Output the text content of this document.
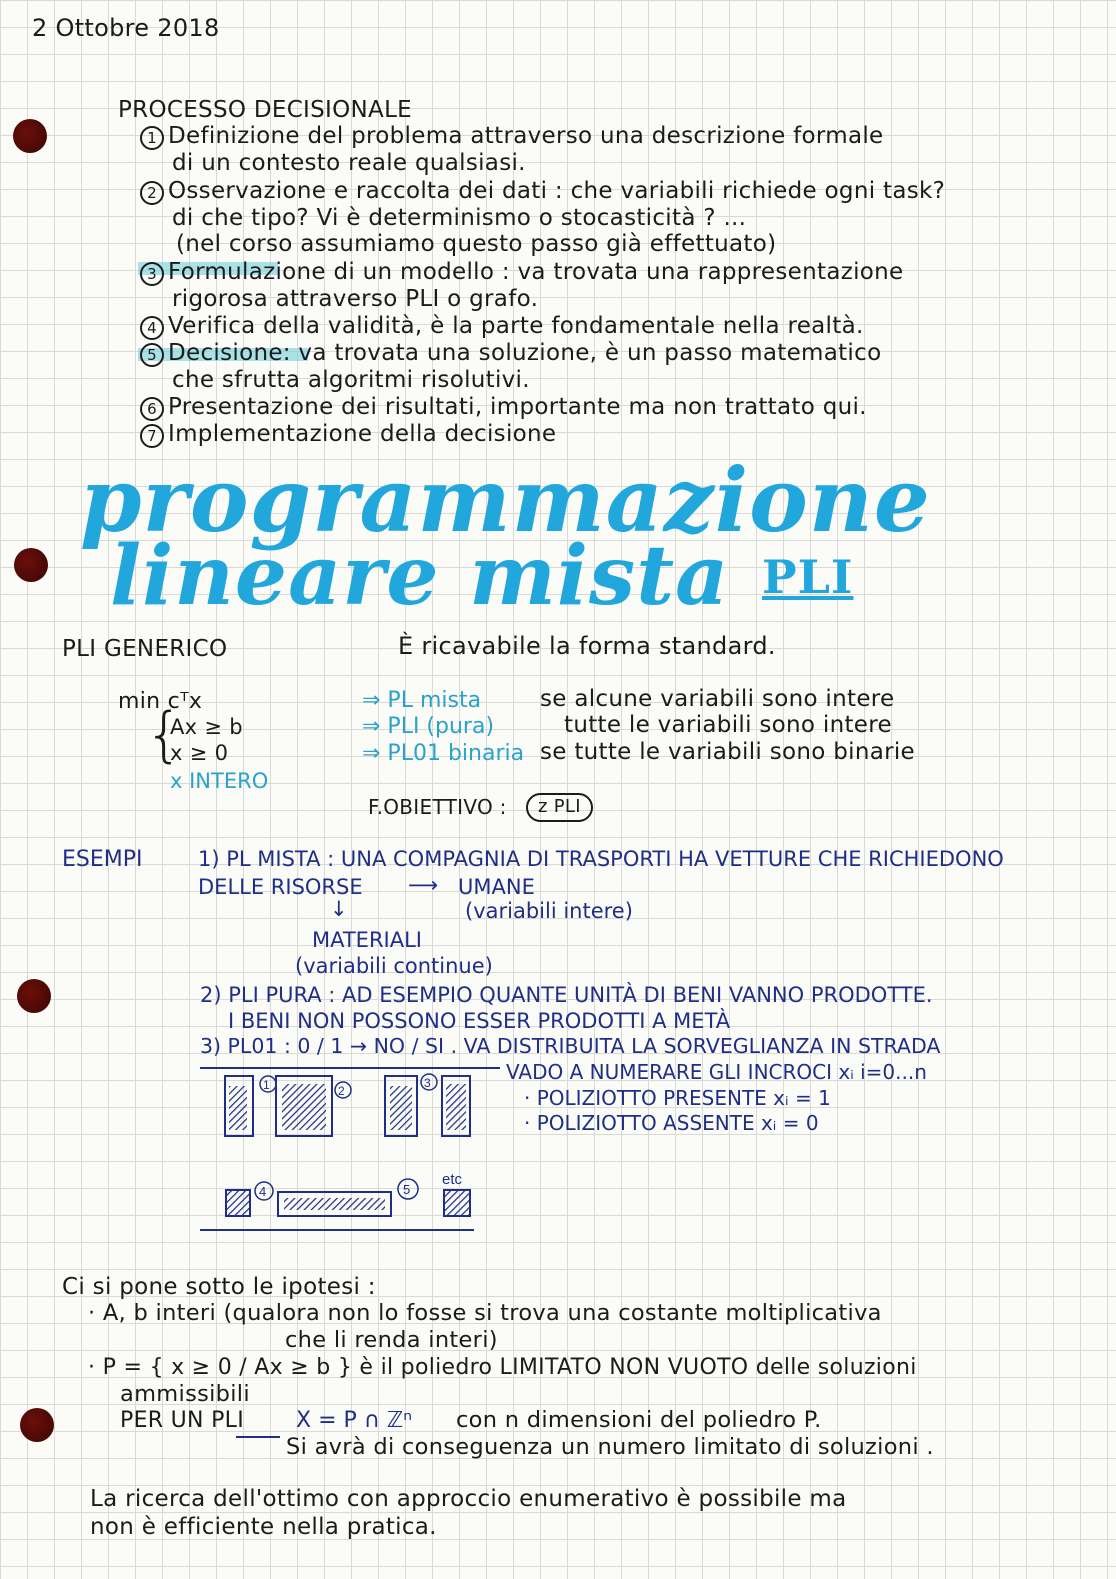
2 Ottobre 2018
PROCESSO DECISIONALE
1 Definizione del problema attraverso una descrizione formale
di un contesto reale qualsiasi.
2 Osservazione e raccolta dei dati : che variabili richiede ogni task?
di che tipo? Vi è determinismo o stocasticità ? ...
(nel corso assumiamo questo passo già effettuato)
3 Formulazione di un modello : va trovata una rappresentazione
rigorosa attraverso PLI o grafo.
4 Verifica della validità, è la parte fondamentale nella realtà.
5 Decisione: va trovata una soluzione, è un passo matematico
che sfrutta algoritmi risolutivi.
6 Presentazione dei risultati, importante ma non trattato qui.
7 Implementazione della decisione
programmazione
lineare mista PLI
PLI GENERICO	È ricavabile la forma standard.
min cᵀx
{
Ax ≥ b
x ≥ 0
x INTERO
⇒ PL mista	se alcune variabili sono intere
⇒ PLI (pura)	tutte le variabili sono intere
⇒ PL01 binaria se tutte le variabili sono binarie
F.OBIETTIVO :	z PLI
ESEMPI	1) PL MISTA : UNA COMPAGNIA DI TRASPORTI HA VETTURE CHE RICHIEDONO
DELLE RISORSE ⟶ UMANE
(variabili intere)
↓
MATERIALI
(variabili continue)
2) PLI PURA : AD ESEMPIO QUANTE UNITÀ DI BENI VANNO PRODOTTE.
I BENI NON POSSONO ESSER PRODOTTI A METÀ
3) PL01 : 0 / 1 → NO / SI . VA DISTRIBUITA LA SORVEGLIANZA IN STRADA
VADO A NUMERARE GLI INCROCI xᵢ i=0...n
· POLIZIOTTO PRESENTE xᵢ = 1
· POLIZIOTTO ASSENTE xᵢ = 0
1	2
3
4	5
etc
Ci si pone sotto le ipotesi :
· A, b interi (qualora non lo fosse si trova una costante moltiplicativa
che li renda interi)
· P = { x ≥ 0 / Ax ≥ b } è il poliedro LIMITATO NON VUOTO delle soluzioni
ammissibili
PER UN PLI X = P ∩ ℤⁿ con n dimensioni del poliedro P.
Si avrà di conseguenza un numero limitato di soluzioni .
La ricerca dell'ottimo con approccio enumerativo è possibile ma
non è efficiente nella pratica.
